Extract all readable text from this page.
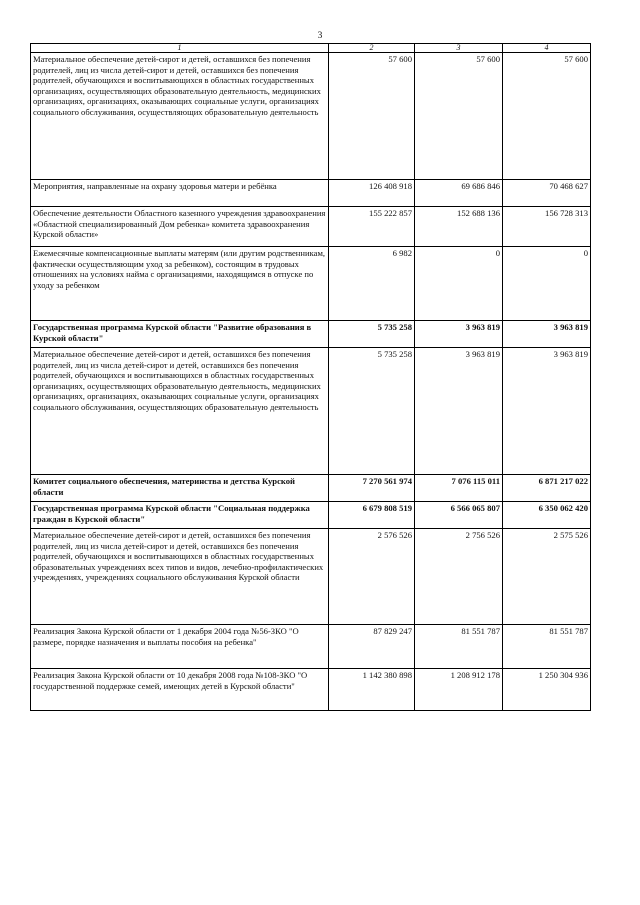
3
1	2	3	4
Материальное обеспечение детей-сирот и детей, оставшихся без попечения родителей, лиц из числа детей-сирот и детей, оставшихся без попечения родителей, обучающихся и воспитывающихся в областных государственных организациях, осуществляющих образовательную деятельность, медицинских организациях, организациях, оказывающих социальные услуги, организациях социального обслуживания, осуществляющих образовательную деятельность	57 600	57 600	57 600
Мероприятия, направленные на охрану здоровья матери и ребёнка	126 408 918	69 686 846	70 468 627
Обеспечение деятельности Областного казенного учреждения здравоохранения «Областной специализированный Дом ребенка» комитета здравоохранения Курской области»	155 222 857	152 688 136	156 728 313
Ежемесячные компенсационные выплаты матерям (или другим родственникам, фактически осуществляющим уход за ребенком), состоящим в трудовых отношениях на условиях найма с организациями, находящимся в отпуске по уходу за ребенком	6 982	0	0
Государственная программа Курской области "Развитие образования в Курской области"	5 735 258	3 963 819	3 963 819
Материальное обеспечение детей-сирот и детей, оставшихся без попечения родителей, лиц из числа детей-сирот и детей, оставшихся без попечения родителей, обучающихся и воспитывающихся в областных государственных организациях, осуществляющих образовательную деятельность, медицинских организациях, организациях, оказывающих социальные услуги, организациях социального обслуживания, осуществляющих образовательную деятельность	5 735 258	3 963 819	3 963 819
Комитет социального обеспечения, материнства и детства Курской области	7 270 561 974	7 076 115 011	6 871 217 022
Государственная программа Курской области "Социальная поддержка граждан в Курской области"	6 679 808 519	6 566 065 807	6 350 062 420
Материальное обеспечение детей-сирот и детей, оставшихся без попечения родителей, лиц из числа детей-сирот и детей, оставшихся без попечения родителей, обучающихся и воспитывающихся в областных государственных образовательных учреждениях всех типов и видов, лечебно-профилактических учреждениях, учреждениях социального обслуживания Курской области	2 576 526	2 756 526	2 575 526
Реализация Закона Курской области от 1 декабря 2004 года №56-ЗКО "О размере, порядке назначения и выплаты пособия на ребенка"	87 829 247	81 551 787	81 551 787
Реализация Закона Курской области от 10 декабря 2008 года №108-ЗКО "О государственной поддержке семей, имеющих детей в Курской области"	1 142 380 898	1 208 912 178	1 250 304 936
